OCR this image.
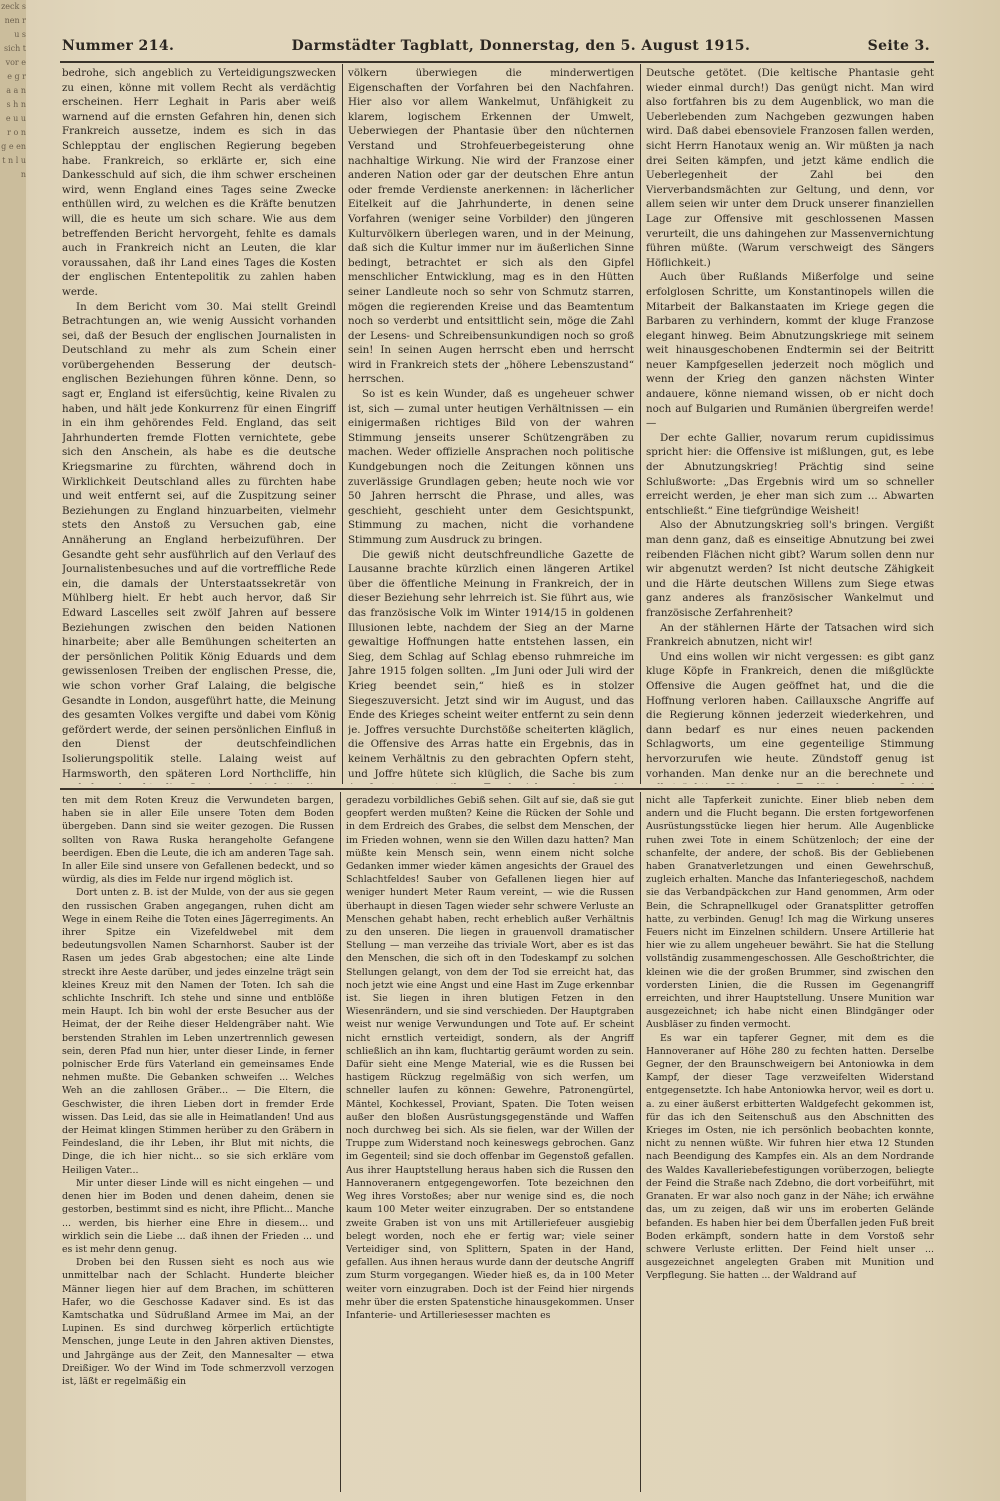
zeck s nen r u s sich t vor e e g r a a n s h n e u u r o n g e en t n l u n
Nummer 214.	Darmstädter Tagblatt, Donnerstag, den 5. August 1915.	Seite 3.

bedrohe, sich angeblich zu Verteidigungszwecken zu einen, könne mit vollem Recht als verdächtig erscheinen. Herr Leghait in Paris aber weiß warnend auf die ernsten Gefahren hin, denen sich Frankreich aussetze, indem es sich in das Schlepptau der englischen Regierung begeben habe. Frankreich, so erklärte er, sich eine Dankesschuld auf sich, die ihm schwer erscheinen wird, wenn England eines Tages seine Zwecke enthüllen wird, zu welchen es die Kräfte benutzen will, die es heute um sich schare. Wie aus dem betreffenden Bericht hervorgeht, fehlte es damals auch in Frankreich nicht an Leuten, die klar voraussahen, daß ihr Land eines Tages die Kosten der englischen Ententepolitik zu zahlen haben werde.

In dem Bericht vom 30. Mai stellt Greindl Betrachtungen an, wie wenig Aussicht vorhanden sei, daß der Besuch der englischen Journalisten in Deutschland zu mehr als zum Schein einer vorübergehenden Besserung der deutsch-englischen Beziehungen führen könne. Denn, so sagt er, England ist eifersüchtig, keine Rivalen zu haben, und hält jede Konkurrenz für einen Eingriff in ein ihm gehörendes Feld. England, das seit Jahrhunderten fremde Flotten vernichtete, gebe sich den Anschein, als habe es die deutsche Kriegsmarine zu fürchten, während doch in Wirklichkeit Deutschland alles zu fürchten habe und weit entfernt sei, auf die Zuspitzung seiner Beziehungen zu England hinzuarbeiten, vielmehr stets den Anstoß zu Versuchen gab, eine Annäherung an England herbeizuführen. Der Gesandte geht sehr ausführlich auf den Verlauf des Journalistenbesuches und auf die vortreffliche Rede ein, die damals der Unterstaatssekretär von Mühlberg hielt. Er hebt auch hervor, daß Sir Edward Lascelles seit zwölf Jahren auf bessere Beziehungen zwischen den beiden Nationen hinarbeite; aber alle Bemühungen scheiterten an der persönlichen Politik König Eduards und dem gewissenlosen Treiben der englischen Presse, die, wie schon vorher Graf Lalaing, die belgische Gesandte in London, ausgeführt hatte, die Meinung des gesamten Volkes vergifte und dabei vom König gefördert werde, der seinen persönlichen Einfluß in den Dienst der deutschfeindlichen Isolierungspolitik stelle. Lalaing weist auf Harmsworth, den späteren Lord Northcliffe, hin

völkern überwiegen die minderwertigen Eigenschaften der Vorfahren bei den Nachfahren. Hier also vor allem Wankelmut, Unfähigkeit zu klarem, logischem Erkennen der Umwelt, Ueberwiegen der Phantasie über den nüchternen Verstand und Strohfeuerbegeisterung ohne nachhaltige Wirkung. Nie wird der Franzose einer anderen Nation oder gar der deutschen Ehre antun oder fremde Verdienste anerkennen: in lächerlicher Eitelkeit auf die Jahrhunderte, in denen seine Vorfahren (weniger seine Vorbilder) den jüngeren Kulturvölkern überlegen waren, und in der Meinung, daß sich die Kultur immer nur im äußerlichen Sinne bedingt, betrachtet er sich als den Gipfel menschlicher Entwicklung, mag es in den Hütten seiner Landleute noch so sehr von Schmutz starren, mögen die regierenden Kreise und das Beamtentum noch so verderbt und entsittlicht sein, möge die Zahl der Lesens- und Schreibensunkundigen noch so groß sein! In seinen Augen herrscht eben und herrscht wird in Frankreich stets der „höhere Lebenszustand“ herrschen.

So ist es kein Wunder, daß es ungeheuer schwer ist, sich — zumal unter heutigen Verhältnissen — ein einigermaßen richtiges Bild von der wahren Stimmung jenseits unserer Schützengräben zu machen. Weder offizielle Ansprachen noch politische Kundgebungen noch die Zeitungen können uns zuverlässige Grundlagen geben; heute noch wie vor 50 Jahren herrscht die Phrase, und alles, was geschieht, geschieht unter dem Gesichtspunkt, Stimmung zu machen, nicht die vorhandene Stimmung zum Ausdruck zu bringen.

Die gewiß nicht deutschfreundliche Gazette de Lausanne brachte kürzlich einen längeren Artikel über die öffentliche Meinung in Frankreich, der in dieser Beziehung sehr lehrreich ist. Sie führt aus, wie das französische Volk im Winter 1914/15 in goldenen Illusionen lebte, nachdem der Sieg an der Marne gewaltige Hoffnungen hatte entstehen lassen, ein Sieg, dem Schlag auf Schlag ebenso ruhmreiche im Jahre 1915 folgen sollten. „Im Juni oder Juli wird der Krieg beendet sein,“ hieß es in stolzer Siegeszuversicht. Jetzt sind wir im August, und das Ende des Krieges scheint weiter entfernt zu sein denn je. Joffres versuchte Durchstöße scheiterten kläglich, die Offensive des Arras hatte ein Ergebnis, das in keinem Verhältnis zu den gebrachten Opfern steht, und Joffre hütete sich klüglich, die Sache bis zum

Deutsche getötet. (Die keltische Phantasie geht wieder einmal durch!) Das genügt nicht. Man wird also fortfahren bis zu dem Augenblick, wo man die Ueberlebenden zum Nachgeben gezwungen haben wird. Daß dabei ebensoviele Franzosen fallen werden, sicht Herrn Hanotaux wenig an. Wir müßten ja nach drei Seiten kämpfen, und jetzt käme endlich die Ueberlegenheit der Zahl bei den Vierverbandsmächten zur Geltung, und denn, vor allem seien wir unter dem Druck unserer finanziellen Lage zur Offensive mit geschlossenen Massen verurteilt, die uns dahingehen zur Massenvernichtung führen müßte. (Warum verschweigt des Sängers Höflichkeit.)

Auch über Rußlands Mißerfolge und seine erfolglosen Schritte, um Konstantinopels willen die Mitarbeit der Balkanstaaten im Kriege gegen die Barbaren zu verhindern, kommt der kluge Franzose elegant hinweg. Beim Abnutzungskriege mit seinem weit hinausgeschobenen Endtermin sei der Beitritt neuer Kampfgesellen jederzeit noch möglich und wenn der Krieg den ganzen nächsten Winter andauere, könne niemand wissen, ob er nicht doch noch auf Bulgarien und Rumänien übergreifen werde! —

Der echte Gallier, novarum rerum cupidissimus spricht hier: die Offensive ist mißlungen, gut, es lebe der Abnutzungskrieg! Prächtig sind seine Schlußworte: „Das Ergebnis wird um so schneller erreicht werden, je eher man sich zum ... Abwarten entschließt.“ Eine tiefgründige Weisheit!

Also der Abnutzungskrieg soll's bringen. Vergißt man denn ganz, daß es einseitige Abnutzung bei zwei reibenden Flächen nicht gibt? Warum sollen denn nur wir abgenutzt werden? Ist nicht deutsche Zähigkeit und die Härte deutschen Willens zum Siege etwas ganz anderes als französischer Wankelmut und französische Zerfahrenheit?

An der stählernen Härte der Tatsachen wird sich Frankreich abnutzen, nicht wir!

Und eins wollen wir nicht vergessen: es gibt ganz kluge Köpfe in Frankreich, denen die mißglückte Offensive die Augen geöffnet hat, und die die Hoffnung verloren haben. Caillauxsche Angriffe auf die Regierung können jederzeit wiederkehren, und dann bedarf es nur eines neuen packenden Schlagworts, um eine gegenteilige Stimmung hervorzurufen wie heute. Zündstoff genug ist vorhanden. Man denke nur an die berechnete und

ten mit dem Roten Kreuz die Verwundeten bargen, haben sie in aller Eile unsere Toten dem Boden übergeben. Dann sind sie weiter gezogen. Die Russen sollten von Rawa Ruska herangeholte Gefangene beerdigen. Eben die Leute, die ich am anderen Tage sah. In aller Eile sind unsere von Gefallenen bedeckt, und so würdig, als dies im Felde nur irgend möglich ist.

Dort unten z. B. ist der Mulde, von der aus sie gegen den russischen Graben angegangen, ruhen dicht am Wege in einem Reihe die Toten eines Jägerregiments. An ihrer Spitze ein Vizefeldwebel mit dem bedeutungsvollen Namen Scharnhorst. Sauber ist der Rasen um jedes Grab abgestochen; eine alte Linde streckt ihre Aeste darüber, und jedes einzelne trägt sein kleines Kreuz mit den Namen der Toten. Ich sah die schlichte Inschrift. Ich stehe und sinne und entblöße mein Haupt. Ich bin wohl der erste Besucher aus der Heimat, der der Reihe dieser Heldengräber naht. Wie berstenden Strahlen im Leben unzertrennlich gewesen sein, deren Pfad nun hier, unter dieser Linde, in ferner polnischer Erde fürs Vaterland ein gemeinsames Ende nehmen mußte. Die Gebanken schweifen ... Welches Weh an die zahllosen Gräber... — Die Eltern, die Geschwister, die ihren Lieben dort in fremder Erde wissen. Das Leid, das sie alle in Heimatlanden! Und aus der Heimat klingen Stimmen herüber zu den Gräbern in Feindesland, die ihr Leben, ihr Blut mit nichts, die Dinge, die ich hier nicht... so sie sich erkläre vom Heiligen Vater...

Mir unter dieser Linde will es nicht eingehen — und denen hier im Boden und denen daheim, denen sie gestorben, bestimmt sind es nicht, ihre Pflicht... Manche ... werden, bis hierher eine Ehre in diesem... und wirklich sein die Liebe ... daß ihnen der Frieden ... und es ist mehr denn genug.

Droben bei den Russen sieht es noch aus wie unmittelbar nach der Schlacht. Hunderte bleicher Männer liegen hier auf dem Brachen, im schütteren Hafer, wo die Geschosse Kadaver sind. Es ist das Kamtschatka und Südrußland Armee im Mai, an der Lupinen. Es sind durchweg körperlich ertüchtigte Menschen, junge Leute in den Jahren aktiven Dienstes, und Jahrgänge aus der Zeit, den Mannesalter — etwa Dreißiger. Wo der Wind im Tode schmerzvoll verzogen ist, läßt er regelmäßig ein

geradezu vorbildliches Gebiß sehen. Gilt auf sie, daß sie gut geopfert werden mußten? Keine die Rücken der Sohle und in dem Erdreich des Grabes, die selbst dem Menschen, der im Frieden wohnen, wenn sie den Willen dazu hatten? Man müßte kein Mensch sein, wenn einem nicht solche Gedanken immer wieder kämen angesichts der Grauel des Schlachtfeldes! Sauber von Gefallenen liegen hier auf weniger hundert Meter Raum vereint, — wie die Russen überhaupt in diesen Tagen wieder sehr schwere Verluste an Menschen gehabt haben, recht erheblich außer Verhältnis zu den unseren. Die liegen in grauenvoll dramatischer Stellung — man verzeihe das triviale Wort, aber es ist das den Menschen, die sich oft in den Todeskampf zu solchen Stellungen gelangt, von dem der Tod sie erreicht hat, das noch jetzt wie eine Angst und eine Hast im Zuge erkennbar ist. Sie liegen in ihren blutigen Fetzen in den Wiesenrändern, und sie sind verschieden. Der Hauptgraben weist nur wenige Verwundungen und Tote auf. Er scheint nicht ernstlich verteidigt, sondern, als der Angriff schließlich an ihn kam, fluchtartig geräumt worden zu sein. Dafür sieht eine Menge Material, wie es die Russen bei hastigem Rückzug regelmäßig von sich werfen, um schneller laufen zu können: Gewehre, Patronengürtel, Mäntel, Kochkessel, Proviant, Spaten. Die Toten weisen außer den bloßen Ausrüstungsgegenstände und Waffen noch durchweg bei sich. Als sie fielen, war der Willen der Truppe zum Widerstand noch keineswegs gebrochen. Ganz im Gegenteil; sind sie doch offenbar im Gegenstoß gefallen. Aus ihrer Hauptstellung heraus haben sich die Russen den Hannoveranern entgegengeworfen. Tote bezeichnen den Weg ihres Vorstoßes; aber nur wenige sind es, die noch kaum 100 Meter weiter einzugraben. Der so entstandene zweite Graben ist von uns mit Artilleriefeuer ausgiebig belegt worden, noch ehe er fertig war; viele seiner Verteidiger sind, von Splittern, Spaten in der Hand, gefallen. Aus ihnen heraus wurde dann der deutsche Angriff zum Sturm vorgegangen. Wieder hieß es, da in 100 Meter weiter vorn einzugraben. Doch ist der Feind hier nirgends mehr über die ersten Spatenstiche hinausgekommen. Unser Infanterie- und Artilleriesesser machten es

nicht alle Tapferkeit zunichte. Einer blieb neben dem andern und die Flucht begann. Die ersten fortgeworfenen Ausrüstungsstücke liegen hier herum. Alle Augenblicke ruhen zwei Tote in einem Schützenloch; der eine der schanfelte, der andere, der schoß. Bis der Gebliebenen haben Granatverletzungen und einen Gewehrschuß, zugleich erhalten. Manche das Infanteriegeschoß, nachdem sie das Verbandpäckchen zur Hand genommen, Arm oder Bein, die Schrapnellkugel oder Granatsplitter getroffen hatte, zu verbinden. Genug! Ich mag die Wirkung unseres Feuers nicht im Einzelnen schildern. Unsere Artillerie hat hier wie zu allem ungeheuer bewährt. Sie hat die Stellung vollständig zusammengeschossen. Alle Geschoßtrichter, die kleinen wie die der großen Brummer, sind zwischen den vordersten Linien, die die Russen im Gegenangriff erreichten, und ihrer Hauptstellung. Unsere Munition war ausgezeichnet; ich habe nicht einen Blindgänger oder Ausbläser zu finden vermocht.

Es war ein tapferer Gegner, mit dem es die Hannoveraner auf Höhe 280 zu fechten hatten. Derselbe Gegner, der den Braunschweigern bei Antoniowka in dem Kampf, der dieser Tage verzweifelten Widerstand entgegensetzte. Ich habe Antoniowka hervor, weil es dort u. a. zu einer äußerst erbitterten Waldgefecht gekommen ist, für das ich den Seitenschuß aus den Abschnitten des Krieges im Osten, nie ich persönlich beobachten konnte, nicht zu nennen wüßte. Wir fuhren hier etwa 12 Stunden nach Beendigung des Kampfes ein. Als an dem Nordrande des Waldes Kavalleriebefestigungen vorüberzogen, beliegte der Feind die Straße nach Zdebno, die dort vorbeiführt, mit Granaten. Er war also noch ganz in der Nähe; ich erwähne das, um zu zeigen, daß wir uns im eroberten Gelände befanden. Es haben hier bei dem Überfallen jeden Fuß breit Boden erkämpft, sondern hatte in dem Vorstoß sehr schwere Verluste erlitten. Der Feind hielt unser ... ausgezeichnet angelegten Graben mit Munition und Verpflegung. Sie hatten ... der Waldrand auf
